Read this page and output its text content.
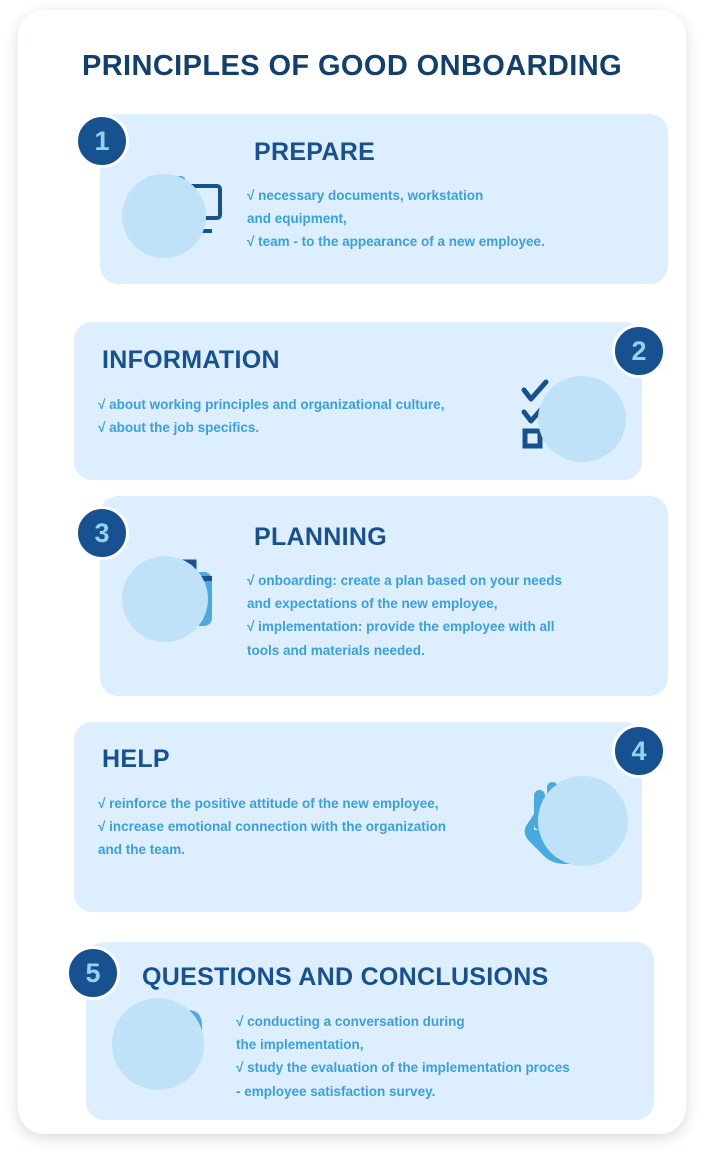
PRINCIPLES OF GOOD ONBOARDING
1	PREPARE
√ necessary documents, workstation
and equipment,
√ team - to the appearance of a new employee.
2
INFORMATION
√ about working principles and organizational culture,
√ about the job specifics.
3	PLANNING
√ onboarding: create a plan based on your needs
and expectations of the new employee,
√ implementation: provide the employee with all
tools and materials needed.
4
HELP
√ reinforce the positive attitude of the new employee,
√ increase emotional connection with the organization
and the team.
5	QUESTIONS AND CONCLUSIONS
√ conducting a conversation during
the implementation,
√ study the evaluation of the implementation proces
- employee satisfaction survey.
